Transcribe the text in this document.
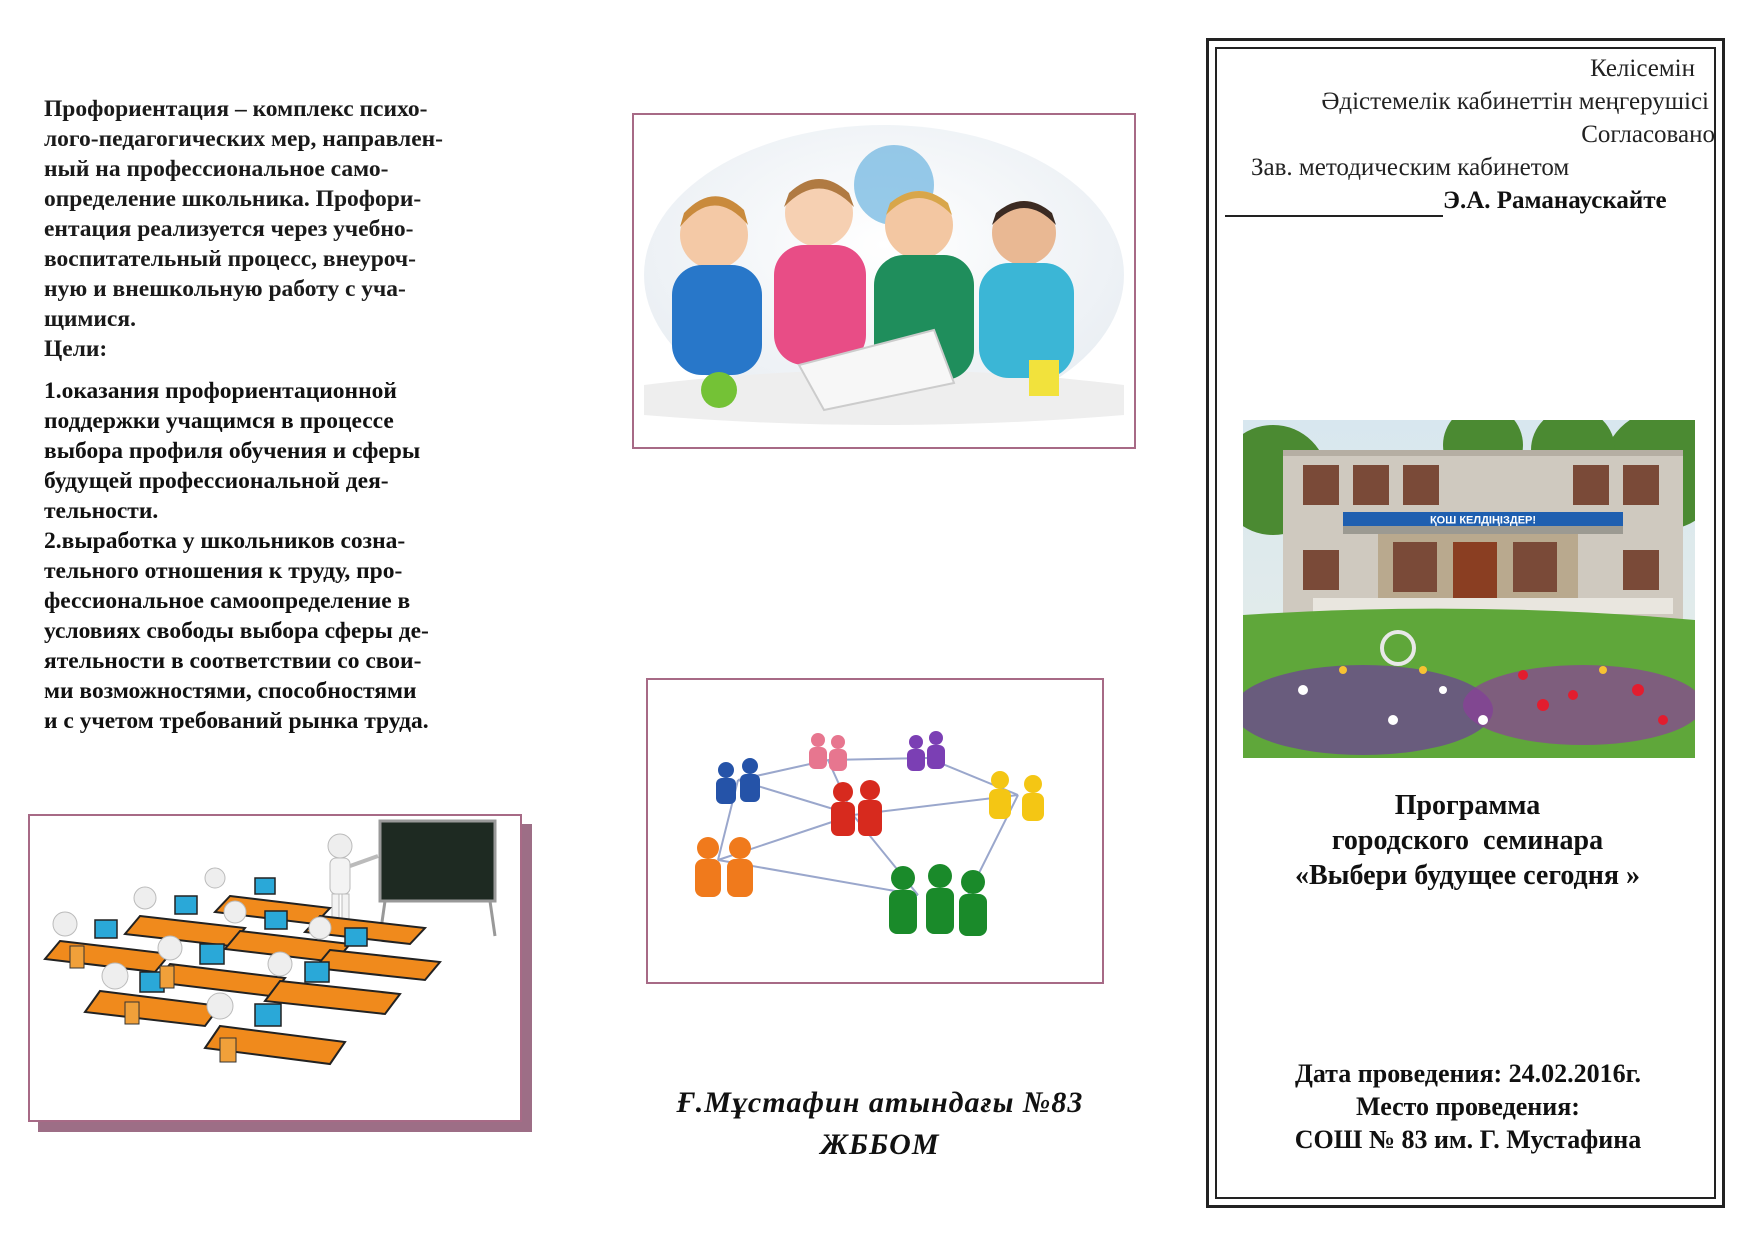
Профориентация – комплекс психо-
лого-педагогических мер, направлен-
ный на профессиональное само-
определение школьника. Профори-
ентация реализуется через учебно-
воспитательный процесс, внеуроч-
ную и внешкольную работу с уча-
щимися.
Цели:
1.оказания профориентационной
поддержки учащимся в процессе
выбора профиля обучения и сферы
будущей профессиональной дея-
тельности.
2.выработка у школьников созна-
тельного отношения к труду, про-
фессиональное самоопределение в
условиях свободы выбора сферы де-
ятельности в соответствии со свои-
ми возможностями, способностями
и с учетом требований рынка труда.
Ғ.Мұстафин атындағы №83
ЖББОМ
Келісемін
Әдістемелік кабинеттін меңгерушісі
Согласовано
Зав. методическим кабинетом
Э.А. Раманаускайте
ҚОШ КЕЛДІҢІЗДЕР!
Программа
городского  семинара
«Выбери будущее сегодня »
Дата проведения: 24.02.2016г.
Место проведения:
СОШ № 83 им. Г. Мустафина
